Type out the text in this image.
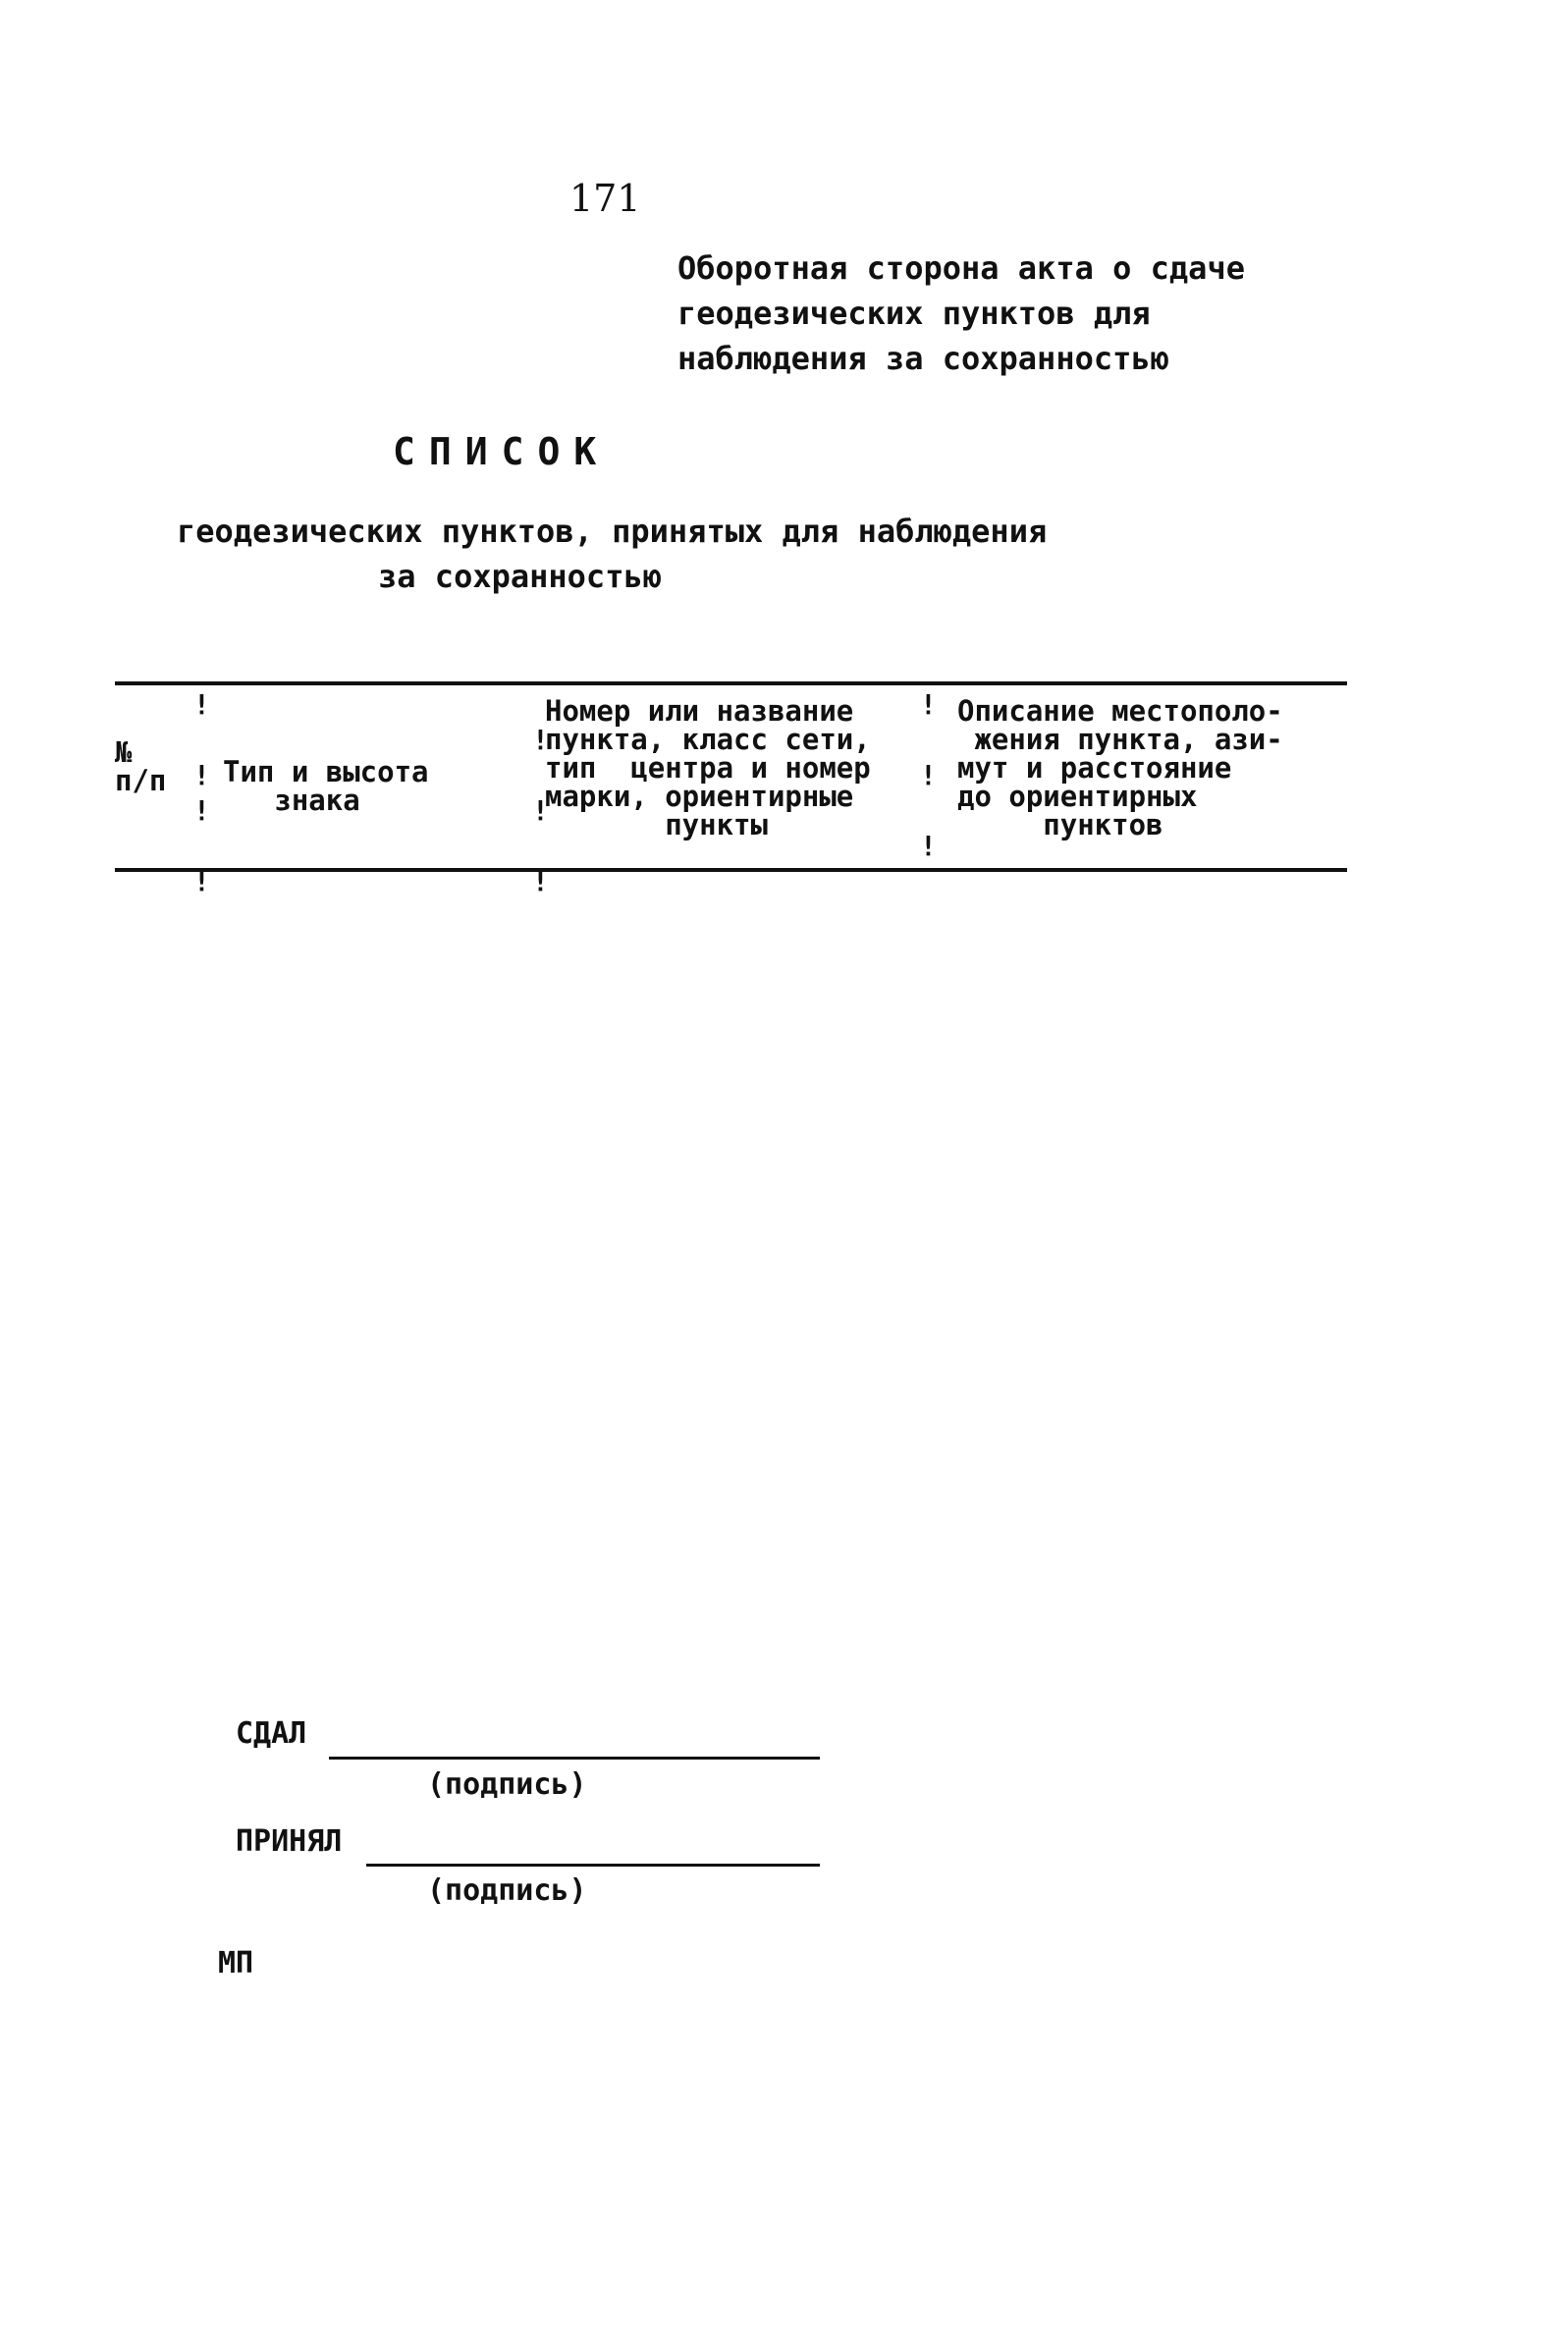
171
Оборотная сторона акта о сдаче
геодезических пунктов для
наблюдения за сохранностью
СПИСОК
геодезических пунктов, принятых для наблюдения
за сохранностью
№
п/п
!

!
!

!
Тип и высота
знака

!

!

!
Номер или название
пункта, класс сети,
тип  центра и номер
марки, ориентирные
пункты
!

!

!
Описание местополо-
жения пункта, ази-
мут и расстояние
до ориентирных
пунктов
СДАЛ
(подпись)
ПРИНЯЛ
(подпись)
МП
